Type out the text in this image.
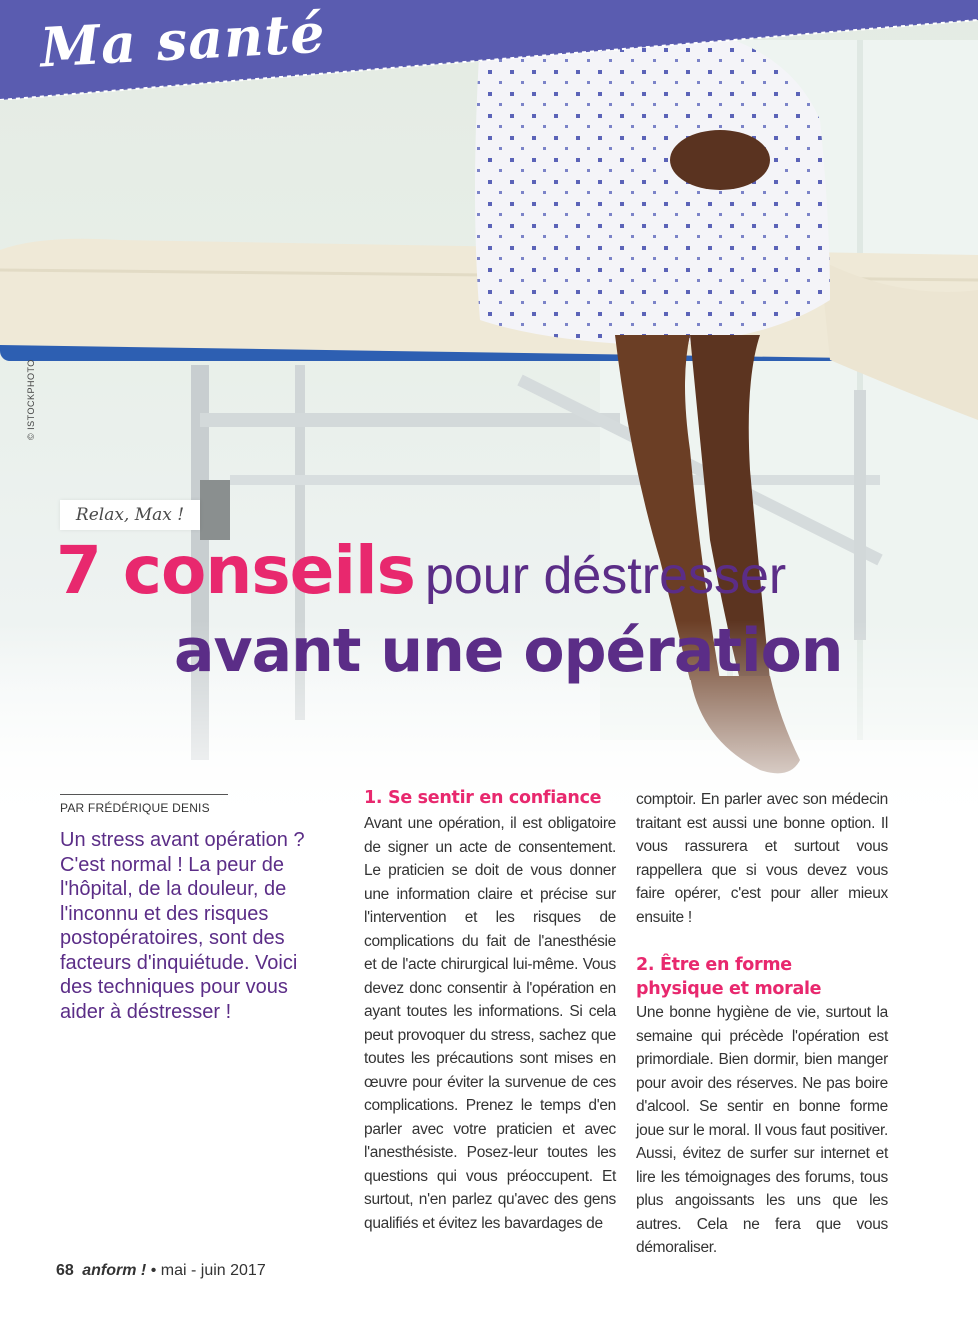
Ma santé
© ISTOCKPHOTO
Relax, Max !
7 conseils pour déstresser
avant une opération
PAR FRÉDÉRIQUE DENIS
Un stress avant opération ? C'est normal ! La peur de l'hôpital, de la douleur, de l'inconnu et des risques postopératoires, sont des facteurs d'inquiétude. Voici des techniques pour vous aider à déstresser !
1. Se sentir en confiance
Avant une opération, il est obligatoire de signer un acte de consentement. Le praticien se doit de vous donner une information claire et précise sur l'intervention et les risques de complications du fait de l'anesthésie et de l'acte chirurgical lui-même. Vous devez donc consentir à l'opération en ayant toutes les informations. Si cela peut provoquer du stress, sachez que toutes les précautions sont mises en œuvre pour éviter la survenue de ces complications. Prenez le temps d'en parler avec votre praticien et avec l'anesthésiste. Posez-leur toutes les questions qui vous préoccupent. Et surtout, n'en parlez qu'avec des gens qualifiés et évitez les bavardages de
comptoir. En parler avec son médecin traitant est aussi une bonne option. Il vous rassurera et surtout vous rappellera que si vous devez vous faire opérer, c'est pour aller mieux ensuite !
2. Être en forme
physique et morale
Une bonne hygiène de vie, surtout la semaine qui précède l'opération est primordiale. Bien dormir, bien manger pour avoir des réserves. Ne pas boire d'alcool. Se sentir en bonne forme joue sur le moral. Il vous faut positiver. Aussi, évitez de surfer sur internet et lire les témoignages des forums, tous plus angoissants les uns que les autres. Cela ne fera que vous démoraliser.
68 anform ! • mai - juin 2017
